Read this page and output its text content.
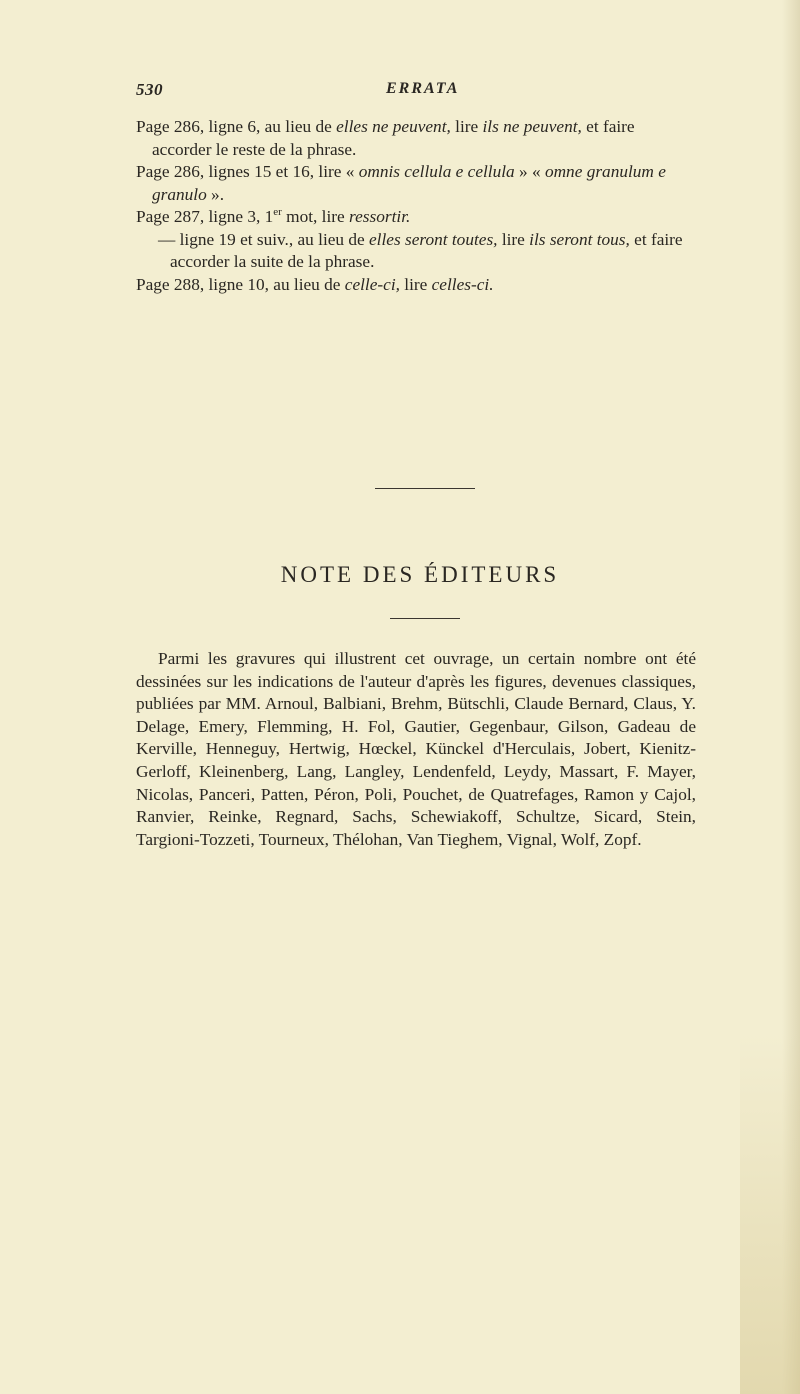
530	ERRATA

Page 286, ligne 6, au lieu de elles ne peuvent, lire ils ne peuvent, et faire accorder le reste de la phrase.

Page 286, lignes 15 et 16, lire « omnis cellula e cellula » « omne granulum e granulo ».

Page 287, ligne 3, 1er mot, lire ressortir.

— ligne 19 et suiv., au lieu de elles seront toutes, lire ils seront tous, et faire accorder la suite de la phrase.

Page 288, ligne 10, au lieu de celle-ci, lire celles-ci.

NOTE DES ÉDITEURS

Parmi les gravures qui illustrent cet ouvrage, un certain nombre ont été dessinées sur les indications de l'auteur d'après les figures, devenues classiques, publiées par MM. Arnoul, Balbiani, Brehm, Bütschli, Claude Bernard, Claus, Y. Delage, Emery, Flemming, H. Fol, Gautier, Gegenbaur, Gilson, Gadeau de Kerville, Henneguy, Hertwig, Hœckel, Künckel d'Herculais, Jobert, Kienitz-Gerloff, Kleinenberg, Lang, Langley, Lendenfeld, Leydy, Massart, F. Mayer, Nicolas, Panceri, Patten, Péron, Poli, Pouchet, de Quatrefages, Ramon y Cajol, Ranvier, Reinke, Regnard, Sachs, Schewiakoff, Schultze, Sicard, Stein, Targioni-Tozzeti, Tourneux, Thélohan, Van Tieghem, Vignal, Wolf, Zopf.
